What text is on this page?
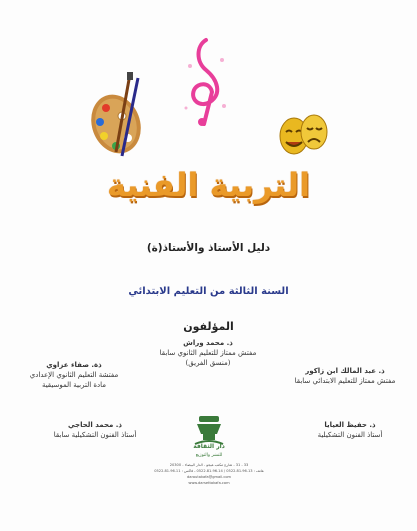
التربية الفنية
دليل الأستاذ والأستاذ(ة)
السنة الثالثة من التعليم الابتدائي
المؤلفون
ذ. محمد وراش
مفتش ممتاز للتعليم الثانوي سابقا
(منسق الفريق)
ذ. عبد المالك ابن زاكور
مفتش ممتاز للتعليم الابتدائي سابقا
ذة. صفاء عزاوي
مفتشة التعليم الثانوي الإعدادي
مادة التربية الموسيقية
ذ. حفيظ العيايا
أستاذ الفنون التشكيلية
ذ. محمد الحاجي
أستاذ الفنون التشكيلية سابقا
دار الثقافة
للنشر والتوزيع
33 ، 31 ، شارع مكتب هيجو - الدار البيضاء - 20300
هاتف : 0522.81.96.13 / 0522.81.96.14 ـ فاكس : 0522.81.96.11
daroutakafa@gmail.com
www.darsettakafa.com
